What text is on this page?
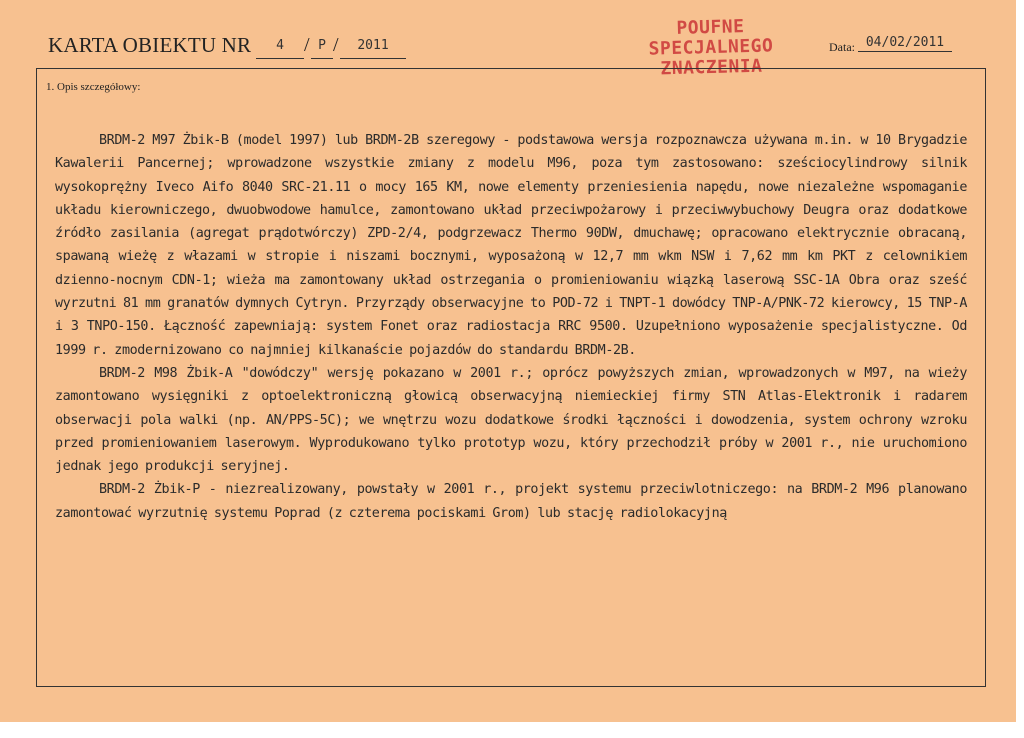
KARTA OBIEKTU NR	4	/ P /	2011
POUFNE
SPECJALNEGO
ZNACZENIA
Data: 04/02/2011
1. Opis szczegółowy:

BRDM-2 M97 Żbik-B (model 1997) lub BRDM-2B szeregowy - podstawowa wersja rozpoznawcza używana m.in. w 10 Brygadzie Kawalerii Pancernej; wprowadzone wszystkie zmiany z modelu M96, poza tym zastosowano: sześciocylindrowy silnik wysokoprężny Iveco Aifo 8040 SRC-21.11 o mocy 165 KM, nowe elementy przeniesienia napędu, nowe niezależne wspomaganie układu kierowniczego, dwuobwodowe hamulce, zamontowano układ przeciwpożarowy i przeciwwybuchowy Deugra oraz dodatkowe źródło zasilania (agregat prądotwórczy) ZPD-2/4, podgrzewacz Thermo 90DW, dmuchawę; opracowano elektrycznie obracaną, spawaną wieżę z włazami w stropie i niszami bocznymi, wyposażoną w 12,7 mm wkm NSW i 7,62 mm km PKT z celownikiem dzienno-nocnym CDN-1; wieża ma zamontowany układ ostrzegania o promieniowaniu wiązką laserową SSC-1A Obra oraz sześć wyrzutni 81 mm granatów dymnych Cytryn. Przyrządy obserwacyjne to POD-72 i TNPT-1 dowódcy TNP-A/PNK-72 kierowcy, 15 TNP-A i 3 TNPO-150. Łączność zapewniają: system Fonet oraz radiostacja RRC 9500. Uzupełniono wyposażenie specjalistyczne. Od 1999 r. zmodernizowano co najmniej kilkanaście pojazdów do standardu BRDM-2B.

BRDM-2 M98 Żbik-A "dowódczy" wersję pokazano w 2001 r.; oprócz powyższych zmian, wprowadzonych w M97, na wieży zamontowano wysięgniki z optoelektroniczną głowicą obserwacyjną niemieckiej firmy STN Atlas-Elektronik i radarem obserwacji pola walki (np. AN/PPS-5C); we wnętrzu wozu dodatkowe środki łączności i dowodzenia, system ochrony wzroku przed promieniowaniem laserowym. Wyprodukowano tylko prototyp wozu, który przechodził próby w 2001 r., nie uruchomiono jednak jego produkcji seryjnej.

BRDM-2 Żbik-P - niezrealizowany, powstały w 2001 r., projekt systemu przeciwlotniczego: na BRDM-2 M96 planowano zamontować wyrzutnię systemu Poprad (z czterema pociskami Grom) lub stację radiolokacyjną
